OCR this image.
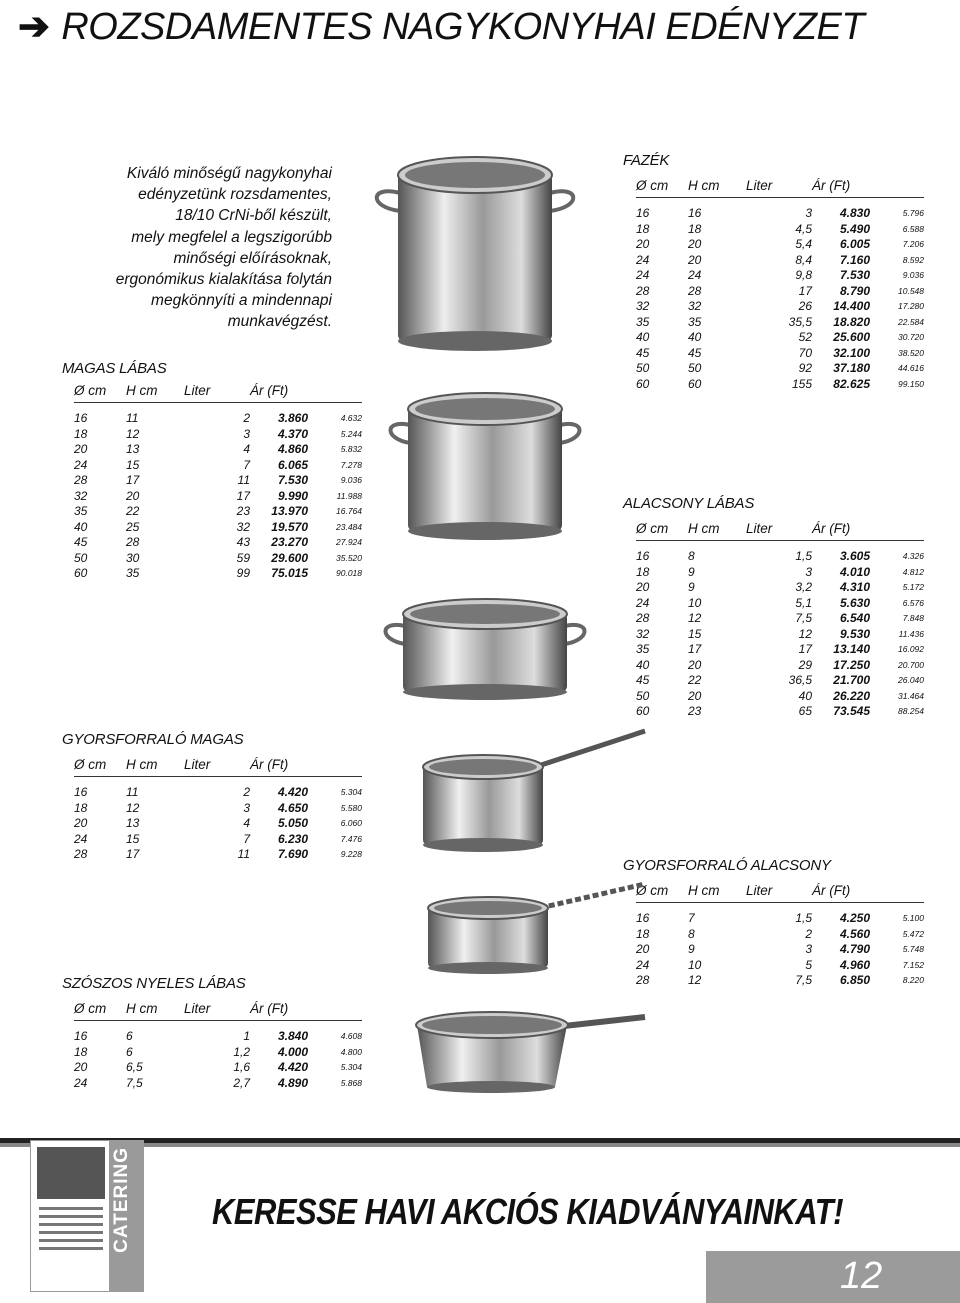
➔ ROZSDAMENTES NAGYKONYHAI EDÉNYZET
Kiváló minőségű nagykonyhai
edényzetünk rozsdamentes,
18/10 CrNi-ből készült,
mely megfelel a legszigorúbb
minőségi előírásoknak,
ergonómikus kialakítása folytán
megkönnyíti a mindennapi
munkavégzést.
MAGAS LÁBAS
FAZÉK
ALACSONY LÁBAS
GYORSFORRALÓ MAGAS
GYORSFORRALÓ ALACSONY
SZÓSZOS NYELES LÁBAS
Ø cm	H cm	Liter	Ár (Ft)	

16	11	2	3.860	4.632
18	12	3	4.370	5.244
20	13	4	4.860	5.832
24	15	7	6.065	7.278
28	17	11	7.530	9.036
32	20	17	9.990	11.988
35	22	23	13.970	16.764
40	25	32	19.570	23.484
45	28	43	23.270	27.924
50	30	59	29.600	35.520
60	35	99	75.015	90.018
Ø cm	H cm	Liter	Ár (Ft)	

16	16	3	4.830	5.796
18	18	4,5	5.490	6.588
20	20	5,4	6.005	7.206
24	20	8,4	7.160	8.592
24	24	9,8	7.530	9.036
28	28	17	8.790	10.548
32	32	26	14.400	17.280
35	35	35,5	18.820	22.584
40	40	52	25.600	30.720
45	45	70	32.100	38.520
50	50	92	37.180	44.616
60	60	155	82.625	99.150
Ø cm	H cm	Liter	Ár (Ft)	

16	8	1,5	3.605	4.326
18	9	3	4.010	4.812
20	9	3,2	4.310	5.172
24	10	5,1	5.630	6.576
28	12	7,5	6.540	7.848
32	15	12	9.530	11.436
35	17	17	13.140	16.092
40	20	29	17.250	20.700
45	22	36,5	21.700	26.040
50	20	40	26.220	31.464
60	23	65	73.545	88.254
Ø cm	H cm	Liter	Ár (Ft)	

16	11	2	4.420	5.304
18	12	3	4.650	5.580
20	13	4	5.050	6.060
24	15	7	6.230	7.476
28	17	11	7.690	9.228
Ø cm	H cm	Liter	Ár (Ft)	

16	7	1,5	4.250	5.100
18	8	2	4.560	5.472
20	9	3	4.790	5.748
24	10	5	4.960	7.152
28	12	7,5	6.850	8.220
Ø cm	H cm	Liter	Ár (Ft)	

16	6	1	3.840	4.608
18	6	1,2	4.000	4.800
20	6,5	1,6	4.420	5.304
24	7,5	2,7	4.890	5.868
CATERING KERESSE HAVI AKCIÓS KIADVÁNYAINKAT!
12
